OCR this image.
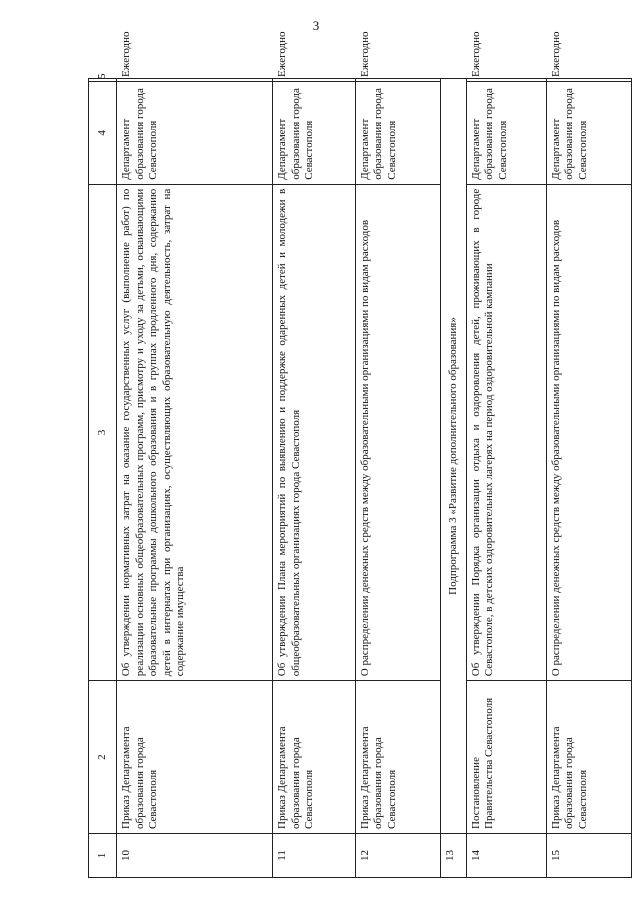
3
1	2	3	4	5
10	Приказ Департамента образования города Севастополя	Об утверждении нормативных затрат на оказание государственных услуг (выполнение работ) по реализации основных общеобразовательных программ, присмотру и уходу за детьми, осваивающими образовательные программы дошкольного образования и в группах продленного дня, содержанию детей в интернатах при организациях, осуществляющих образовательную деятельность, затрат на содержание имущества	Департамент образования города Севастополя	Ежегодно
11	Приказ Департамента образования города Севастополя	Об утверждении Плана мероприятий по выявлению и поддержке одаренных детей и молодежи в общеобразовательных организациях города Севастополя	Департамент образования города Севастополя	Ежегодно
12	Приказ Департамента образования города Севастополя	О распределении денежных средств между образовательными организациями по видам расходов	Департамент образования города Севастополя	Ежегодно
13	Подпрограмма 3 «Развитие дополнительного образования»			
14	Постановление Правительства Севастополя	Об утверждении Порядка организации отдыха и оздоровления детей, проживающих в городе Севастополе, в детских оздоровительных лагерях на период оздоровительной кампании	Департамент образования города Севастополя	Ежегодно
15	Приказ Департамента образования города Севастополя	О распределении денежных средств между образовательными организациями по видам расходов	Департамент образования города Севастополя	Ежегодно
